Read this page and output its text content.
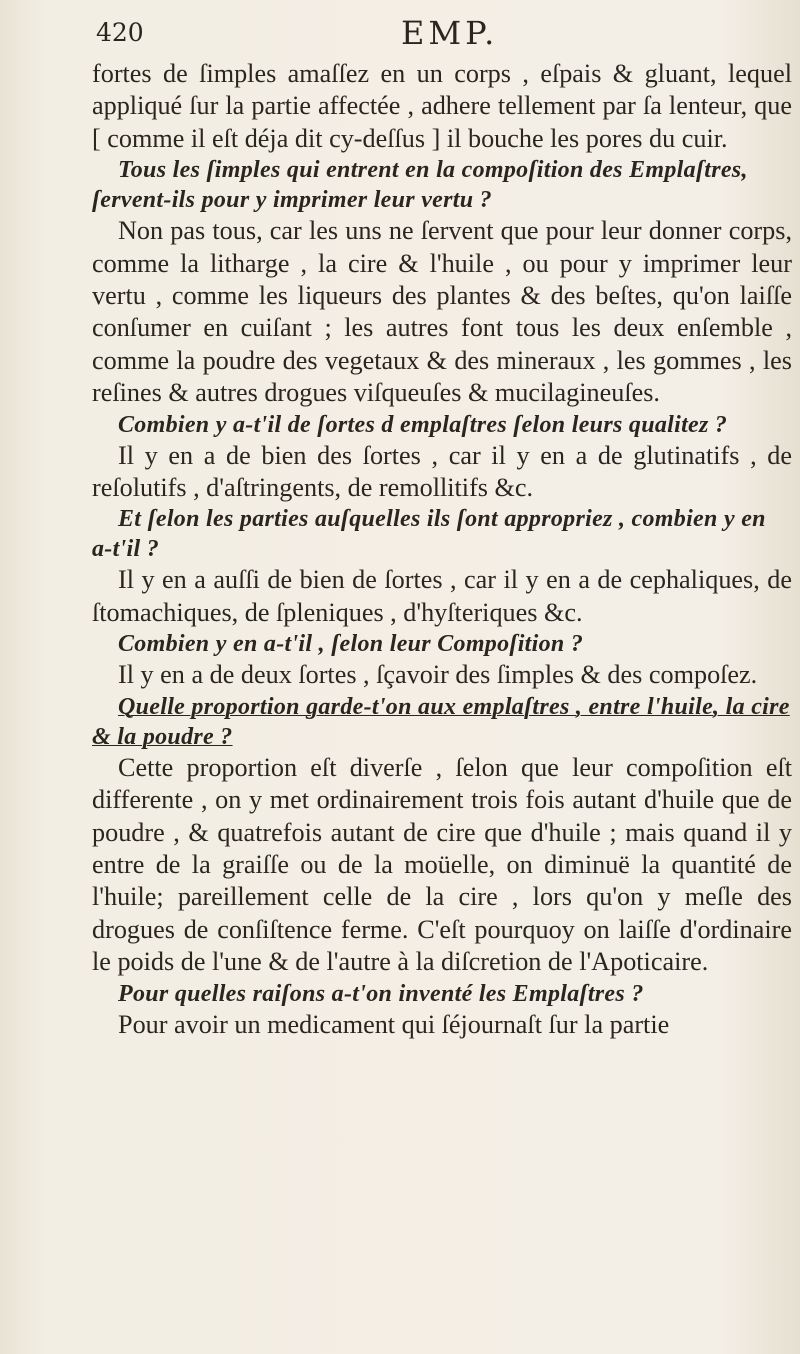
420	EMP.

fortes de ſimples amaſſez en un corps , eſpais & gluant, lequel appliqué ſur la partie affectée , adhere tellement par ſa lenteur, que [ comme il eſt déja dit cy-deſſus ] il bouche les pores du cuir.

Tous les ſimples qui entrent en la compoſition des Emplaſtres, ſervent-ils pour y imprimer leur vertu ?

Non pas tous, car les uns ne ſervent que pour leur donner corps, comme la litharge , la cire & l'huile , ou pour y imprimer leur vertu , comme les liqueurs des plantes & des beſtes, qu'on laiſſe conſumer en cuiſant ; les autres font tous les deux enſemble , comme la poudre des vegetaux & des mineraux , les gommes , les reſines & autres drogues viſqueuſes & mucilagineuſes.

Combien y a-t'il de ſortes d emplaſtres ſelon leurs qualitez ?

Il y en a de bien des ſortes , car il y en a de glutinatifs , de reſolutifs , d'aſtringents, de remollitifs &c.

Et ſelon les parties auſquelles ils ſont appropriez , combien y en a-t'il ?

Il y en a auſſi de bien de ſortes , car il y en a de cephaliques, de ſtomachiques, de ſpleniques , d'hyſteriques &c.

Combien y en a-t'il , ſelon leur Compoſition ?

Il y en a de deux ſortes , ſçavoir des ſimples & des compoſez.

Quelle proportion garde-t'on aux emplaſtres , entre l'huile, la cire & la poudre ?

Cette proportion eſt diverſe , ſelon que leur compoſition eſt differente , on y met ordinairement trois fois autant d'huile que de poudre , & quatrefois autant de cire que d'huile ; mais quand il y entre de la graiſſe ou de la moüelle, on diminuë la quantité de l'huile; pareillement celle de la cire , lors qu'on y meſle des drogues de conſiſtence ferme. C'eſt pourquoy on laiſſe d'ordinaire le poids de l'une & de l'autre à la diſcretion de l'Apoticaire.

Pour quelles raiſons a-t'on inventé les Emplaſtres ?

Pour avoir un medicament qui ſéjournaſt ſur la partie
